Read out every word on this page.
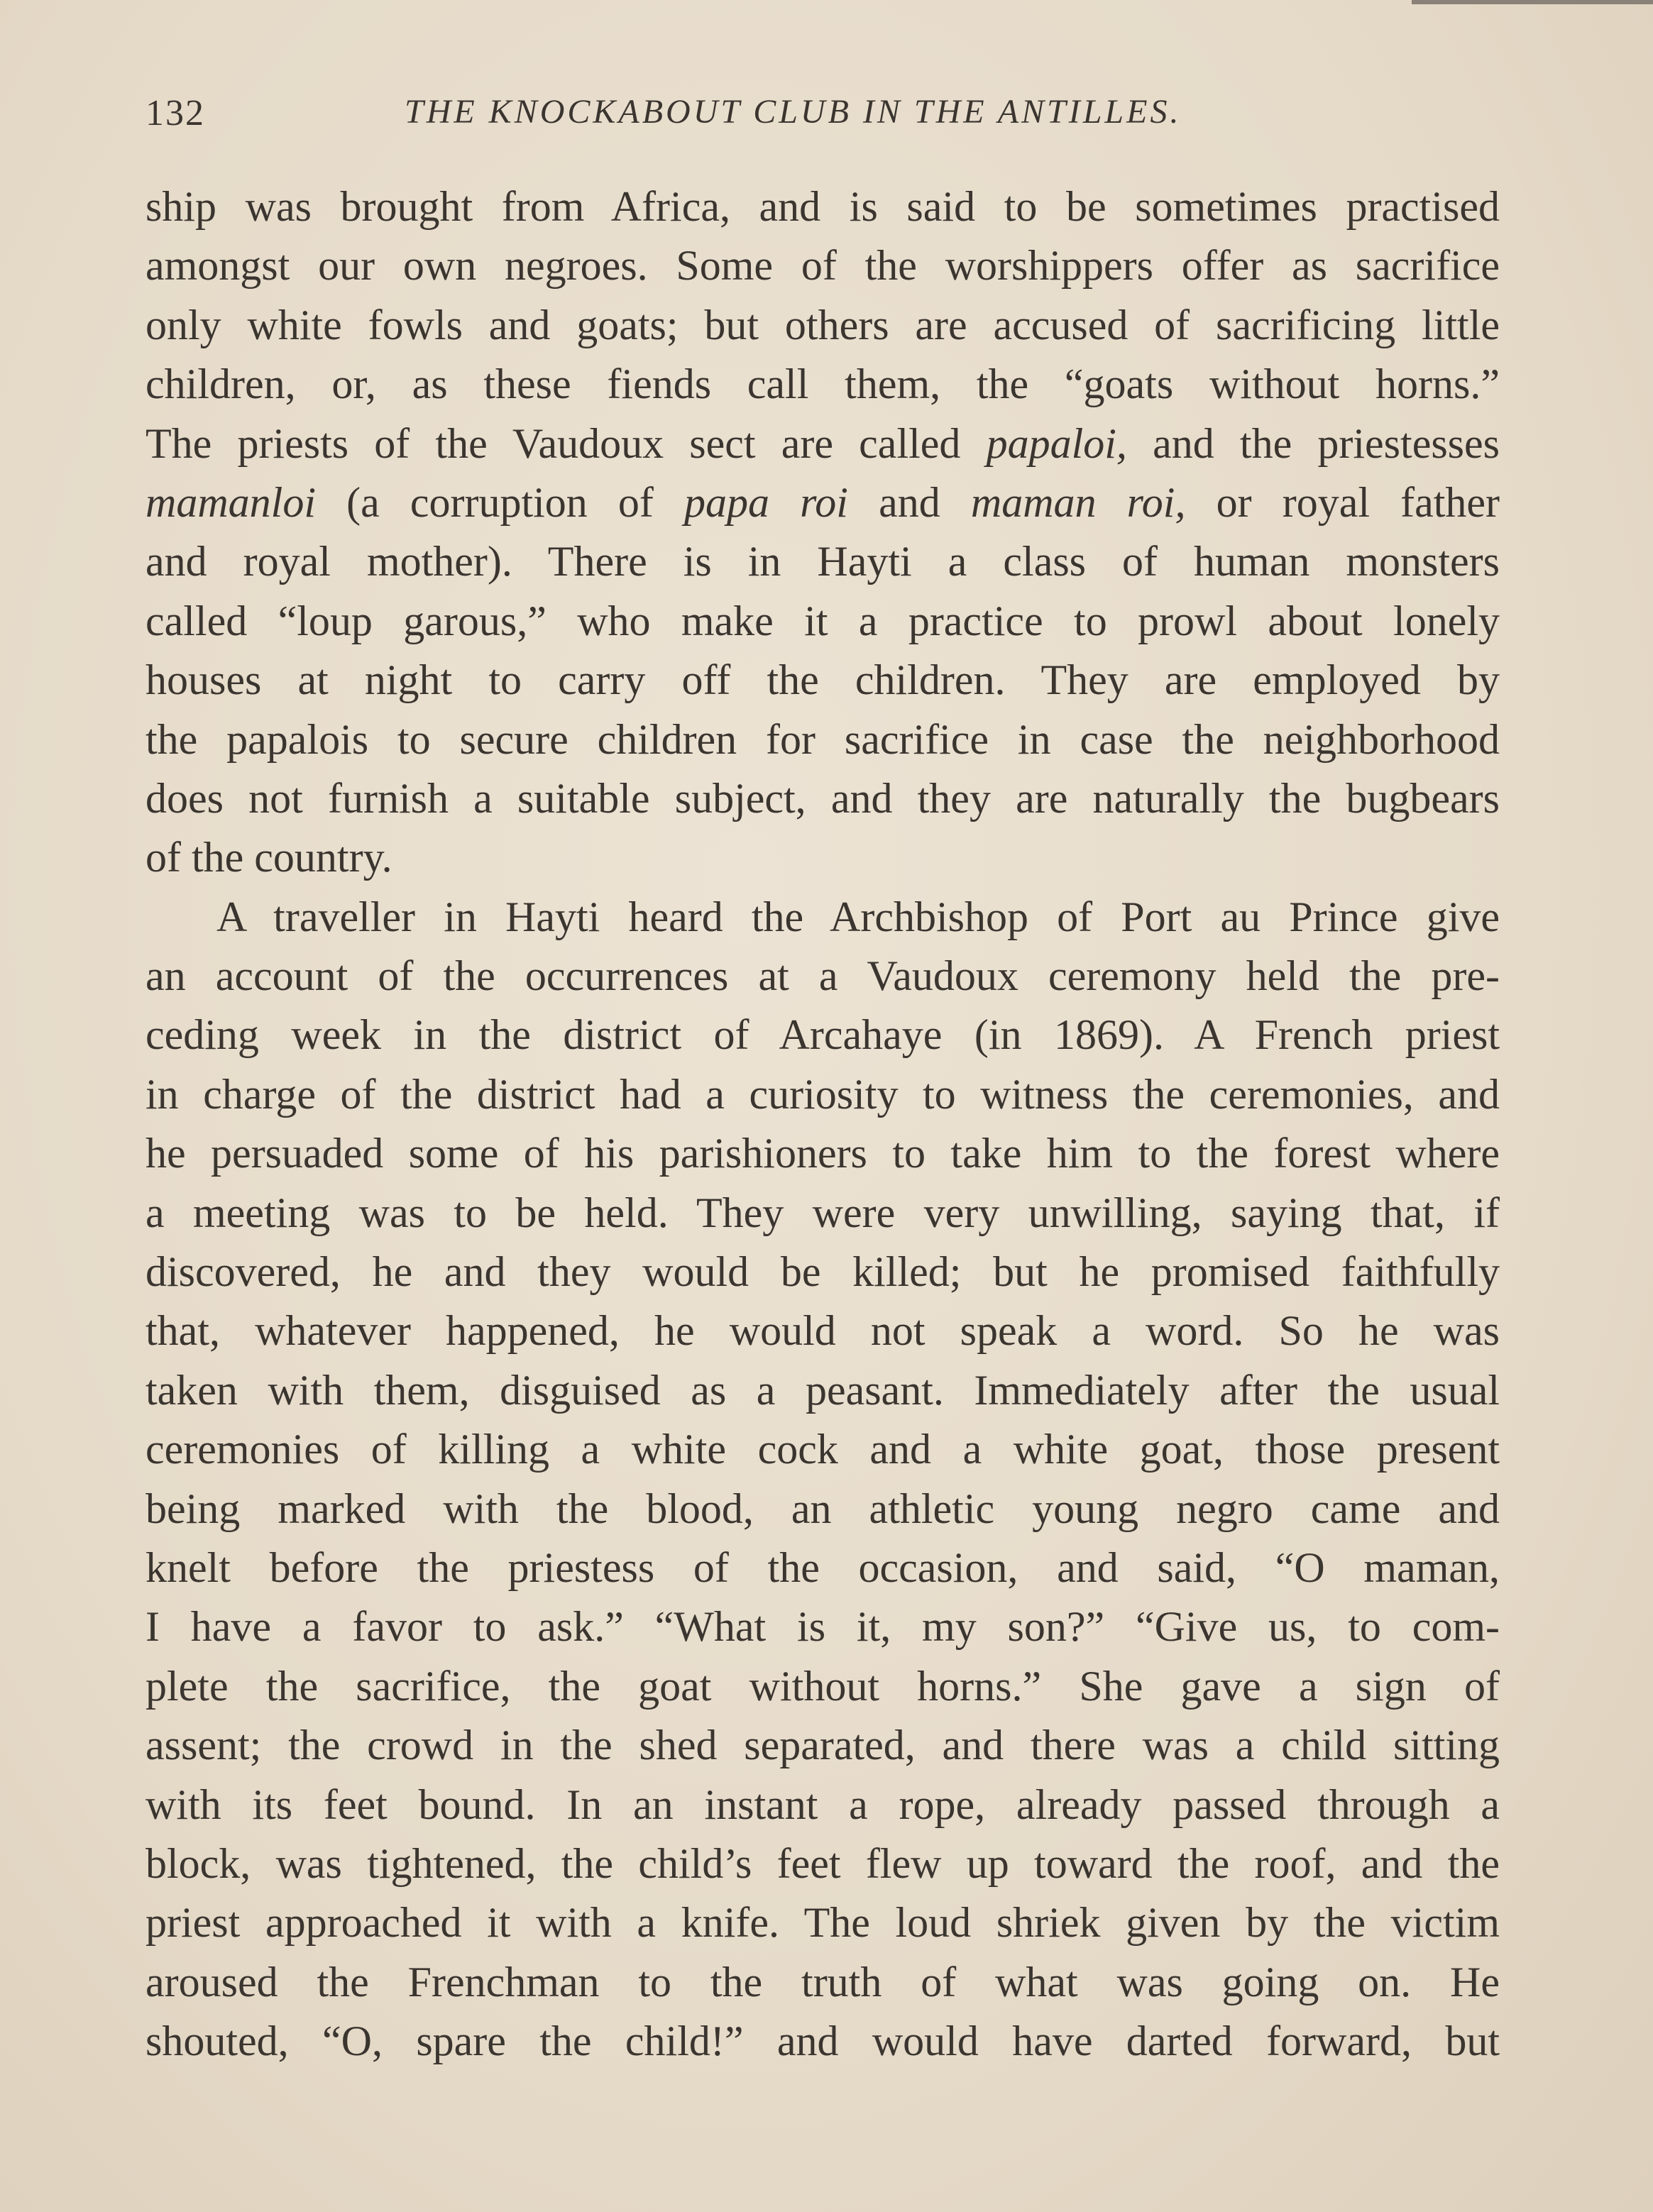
132	THE KNOCKABOUT CLUB IN THE ANTILLES.
ship was brought from Africa, and is said to be sometimes practised
amongst our own negroes. Some of the worshippers offer as sacrifice
only white fowls and goats; but others are accused of sacrificing little
children, or, as these fiends call them, the “goats without horns.”
The priests of the Vaudoux sect are called papaloi, and the priestesses
mamanloi (a corruption of papa roi and maman roi, or royal father
and royal mother). There is in Hayti a class of human monsters
called “loup garous,” who make it a practice to prowl about lonely
houses at night to carry off the children. They are employed by
the papalois to secure children for sacrifice in case the neighborhood
does not furnish a suitable subject, and they are naturally the bugbears
of the country.
A traveller in Hayti heard the Archbishop of Port au Prince give
an account of the occurrences at a Vaudoux ceremony held the pre-
ceding week in the district of Arcahaye (in 1869). A French priest
in charge of the district had a curiosity to witness the ceremonies, and
he persuaded some of his parishioners to take him to the forest where
a meeting was to be held. They were very unwilling, saying that, if
discovered, he and they would be killed; but he promised faithfully
that, whatever happened, he would not speak a word. So he was
taken with them, disguised as a peasant. Immediately after the usual
ceremonies of killing a white cock and a white goat, those present
being marked with the blood, an athletic young negro came and
knelt before the priestess of the occasion, and said, “O maman,
I have a favor to ask.” “What is it, my son?” “Give us, to com-
plete the sacrifice, the goat without horns.” She gave a sign of
assent; the crowd in the shed separated, and there was a child sitting
with its feet bound. In an instant a rope, already passed through a
block, was tightened, the child’s feet flew up toward the roof, and the
priest approached it with a knife. The loud shriek given by the victim
aroused the Frenchman to the truth of what was going on. He
shouted, “O, spare the child!” and would have darted forward, but
